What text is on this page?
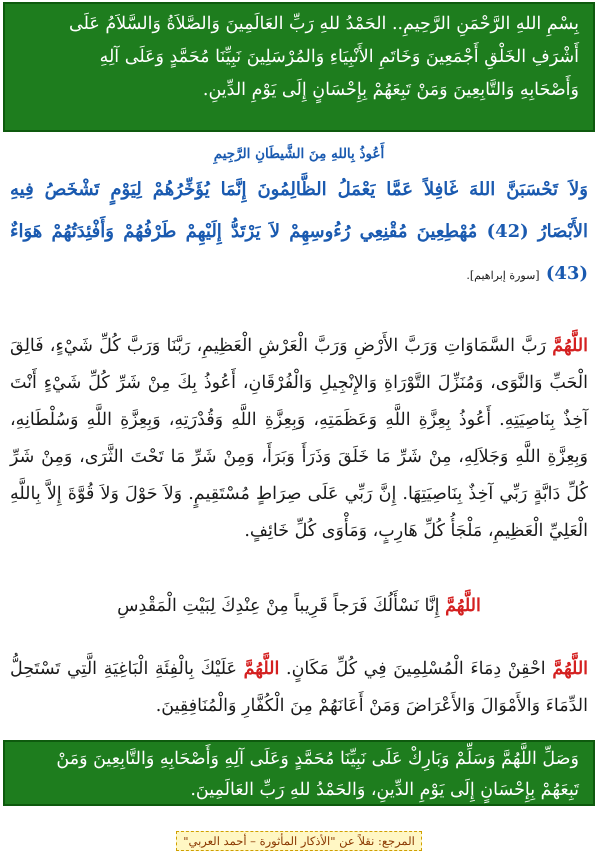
بِسْمِ اللهِ الرَّحْمَنِ الرَّحِيمِ.. الحَمْدُ للهِ رَبِّ العَالَمِينَ وَالصَّلاَةُ وَالسَّلاَمُ عَلَى
أَشْرَفِ الخَلْقِ أَجْمَعِينَ وَخَاتَمِ الأَنْبِيَاءِ وَالمُرْسَلِينَ نَبِيِّنَا مُحَمَّدٍ وَعَلَى آلِهِ
وَأَصْحَابِهِ وَالتَّابِعِينَ وَمَنْ تَبِعَهُمْ بِإِحْسَانٍ إِلَى يَوْمِ الدِّينِ.
أَعُوذُ بِاللهِ مِنَ الشَّيطَانِ الرَّجِيمِ
وَلاَ تَحْسَبَنَّ اللهَ غَافِلاً عَمَّا يَعْمَلُ الظَّالِمُونَ إِنَّمَا يُؤَخِّرُهُمْ لِيَوْمٍ تَشْخَصُ فِيهِ الأَبْصَارُ (42) مُهْطِعِينَ مُقْنِعِي رُءُوسِهِمْ لاَ يَرْتَدُّ إِلَيْهِمْ طَرْفُهُمْ وَأَفْئِدَتُهُمْ هَوَاءٌ (43) [سورة إبراهيم].
اللَّهُمَّ رَبَّ السَّمَاوَاتِ وَرَبَّ الأَرْضِ وَرَبَّ الْعَرْشِ الْعَظِيمِ، رَبَّنَا وَرَبَّ كُلِّ شَيْءٍ، فَالِقَ الْحَبِّ وَالنَّوَى، وَمُنَزِّلَ التَّوْرَاةِ وَالإِنْجِيلِ وَالْفُرْقَانِ، أَعُوذُ بِكَ مِنْ شَرِّ كُلِّ شَيْءٍ أَنْتَ آخِذٌ بِنَاصِيَتِهِ. أَعُوذُ بِعِزَّةِ اللَّهِ وَعَظَمَتِهِ، وَبِعِزَّةِ اللَّهِ وَقُدْرَتِهِ، وَبِعِزَّةِ اللَّهِ وَسُلْطَانِهِ، وَبِعِزَّةِ اللَّهِ وَجَلاَلِهِ، مِنْ شَرِّ مَا خَلَقَ وَذَرَأَ وَبَرَأَ، وَمِنْ شَرِّ مَا تَحْتَ الثَّرَى، وَمِنْ شَرِّ كُلِّ دَابَّةٍ رَبِّي آخِذٌ بِنَاصِيَتِهَا. إِنَّ رَبِّي عَلَى صِرَاطٍ مُسْتَقِيمٍ. وَلاَ حَوْلَ وَلاَ قُوَّةَ إِلاَّ بِاللَّهِ الْعَلِيِّ الْعَظِيمِ، مَلْجَأُ كُلِّ هَارِبٍ، وَمَأْوَى كُلِّ خَائِفٍ.
اللَّهُمَّ إِنَّا نَسْأَلُكَ فَرَجاً قَرِيباً مِنْ عِنْدِكَ لِبَيْتِ الْمَقْدِسِ
اللَّهُمَّ احْقِنْ دِمَاءَ الْمُسْلِمِينَ فِي كُلِّ مَكَانٍ. اللَّهُمَّ عَلَيْكَ بِالْفِئَةِ الْبَاغِيَةِ الَّتِي تَسْتَحِلُّ الدِّمَاءَ وَالأَمْوَالَ وَالأَعْرَاضَ وَمَنْ أَعَانَهُمْ مِنَ الْكُفَّارِ وَالْمُنَافِقِينَ.
وَصَلِّ اللَّهُمَّ وَسَلِّمْ وَبَارِكْ عَلَى نَبِيِّنَا مُحَمَّدٍ وَعَلَى آلِهِ وَأَصْحَابِهِ وَالتَّابِعِينَ وَمَنْ
تَبِعَهُمْ بِإِحْسَانٍ إِلَى يَوْمِ الدِّينِ، وَالحَمْدُ للهِ رَبِّ العَالَمِينَ.
المرجع: نقلاً عن "الأذكار المأثورة – أحمد العربي"
